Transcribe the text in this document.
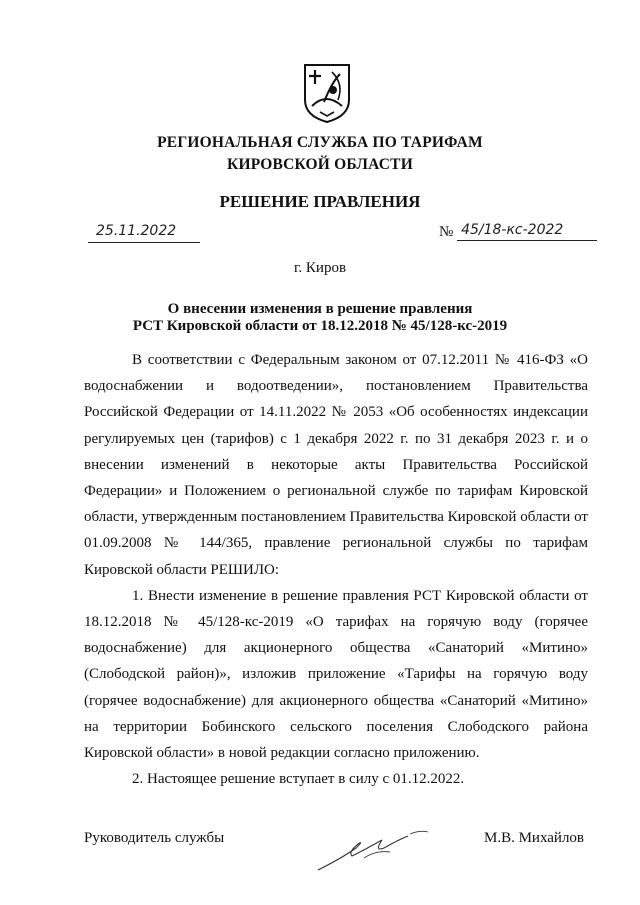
РЕГИОНАЛЬНАЯ СЛУЖБА ПО ТАРИФАМ
КИРОВСКОЙ ОБЛАСТИ
РЕШЕНИЕ ПРАВЛЕНИЯ
25.11.2022	№ 45/18-кс-2022
г. Киров
О внесении изменения в решение правления
РСТ Кировской области от 18.12.2018 № 45/128-кс-2019

В соответствии с Федеральным законом от 07.12.2011 № 416-ФЗ «О водоснабжении и водоотведении», постановлением Правительства Российской Федерации от 14.11.2022 № 2053 «Об особенностях индексации регулируемых цен (тарифов) с 1 декабря 2022 г. по 31 декабря 2023 г. и о внесении изменений в некоторые акты Правительства Российской Федерации» и Положением о региональной службе по тарифам Кировской области, утвержденным постановлением Правительства Кировской области от 01.09.2008 № 144/365, правление региональной службы по тарифам Кировской области РЕШИЛО:

1. Внести изменение в решение правления РСТ Кировской области от 18.12.2018 № 45/128-кс-2019 «О тарифах на горячую воду (горячее водоснабжение) для акционерного общества «Санаторий «Митино» (Слободской район)», изложив приложение «Тарифы на горячую воду (горячее водоснабжение) для акционерного общества «Санаторий «Митино» на территории Бобинского сельского поселения Слободского района Кировской области» в новой редакции согласно приложению.

2. Настоящее решение вступает в силу с 01.12.2022.

Руководитель службы	М.В. Михайлов
